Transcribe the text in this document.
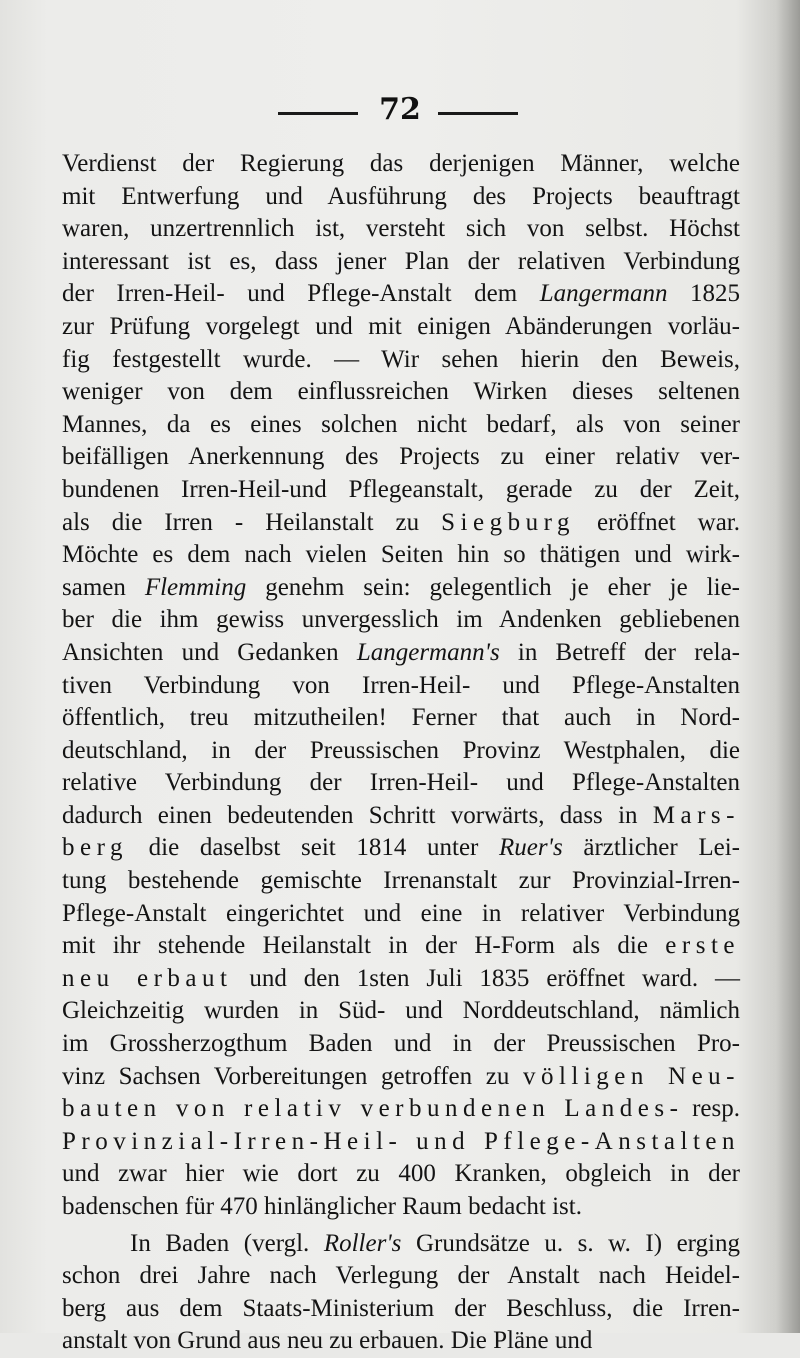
72
Verdienst der Regierung das derjenigen Männer, welche
mit Entwerfung und Ausführung des Projects beauftragt
waren, unzertrennlich ist, versteht sich von selbst. Höchst
interessant ist es, dass jener Plan der relativen Verbindung
der Irren-Heil- und Pflege-Anstalt dem Langermann 1825
zur Prüfung vorgelegt und mit einigen Abänderungen vorläu-
fig festgestellt wurde. — Wir sehen hierin den Beweis,
weniger von dem einflussreichen Wirken dieses seltenen
Mannes, da es eines solchen nicht bedarf, als von seiner
beifälligen Anerkennung des Projects zu einer relativ ver-
bundenen Irren-Heil-und Pflegeanstalt, gerade zu der Zeit,
als die Irren - Heilanstalt zu Siegburg eröffnet war.
Möchte es dem nach vielen Seiten hin so thätigen und wirk-
samen Flemming genehm sein: gelegentlich je eher je lie-
ber die ihm gewiss unvergesslich im Andenken gebliebenen
Ansichten und Gedanken Langermann's in Betreff der rela-
tiven Verbindung von Irren-Heil- und Pflege-Anstalten
öffentlich, treu mitzutheilen! Ferner that auch in Nord-
deutschland, in der Preussischen Provinz Westphalen, die
relative Verbindung der Irren-Heil- und Pflege-Anstalten
dadurch einen bedeutenden Schritt vorwärts, dass in Mars-
berg die daselbst seit 1814 unter Ruer's ärztlicher Lei-
tung bestehende gemischte Irrenanstalt zur Provinzial-Irren-
Pflege-Anstalt eingerichtet und eine in relativer Verbindung
mit ihr stehende Heilanstalt in der H-Form als die erste
neu erbaut und den 1sten Juli 1835 eröffnet ward. —
Gleichzeitig wurden in Süd- und Norddeutschland, nämlich
im Grossherzogthum Baden und in der Preussischen Pro-
vinz Sachsen Vorbereitungen getroffen zu völligen Neu-
bauten von relativ verbundenen Landes- resp.
Provinzial-Irren-Heil- und Pflege-Anstalten
und zwar hier wie dort zu 400 Kranken, obgleich in der
badenschen für 470 hinlänglicher Raum bedacht ist.
In Baden (vergl. Roller's Grundsätze u. s. w. I) erging
schon drei Jahre nach Verlegung der Anstalt nach Heidel-
berg aus dem Staats-Ministerium der Beschluss, die Irren-
anstalt von Grund aus neu zu erbauen. Die Pläne und
